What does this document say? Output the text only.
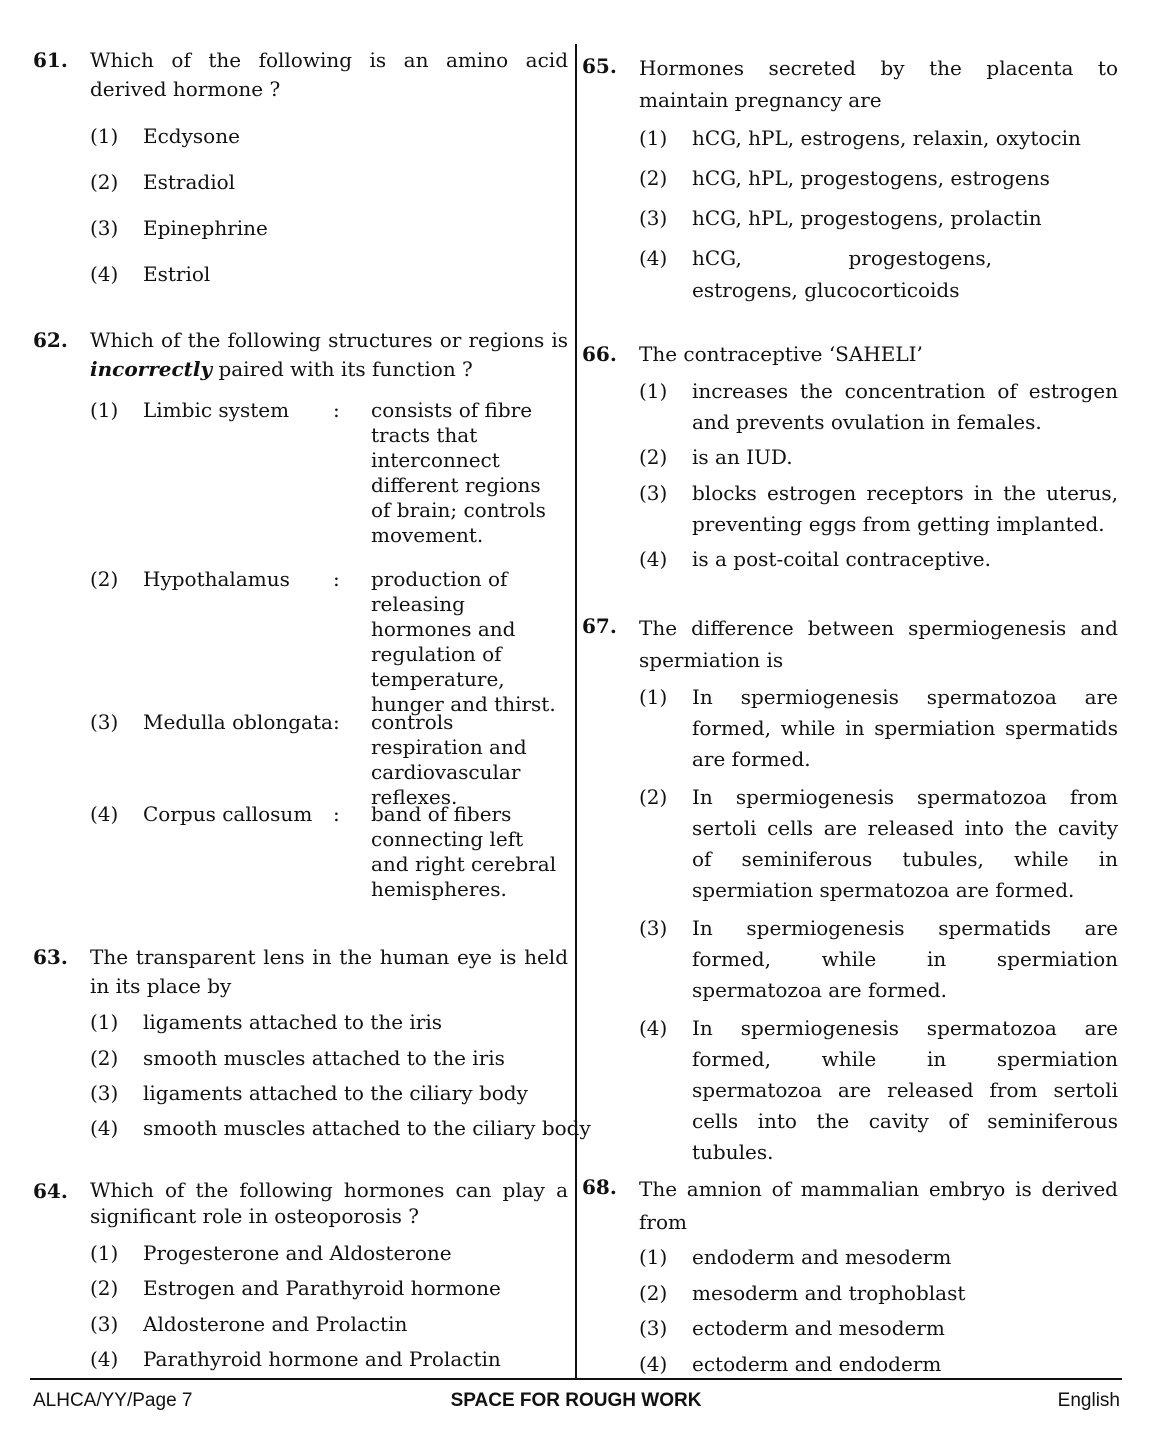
61. Which of the following is an amino acid derived hormone ?
(1) Ecdysone
(2) Estradiol
(3) Epinephrine
(4) Estriol
62. Which of the following structures or regions is incorrectly paired with its function ?
(1) Limbic system : consists of fibre tracts that interconnect different regions of brain; controls movement.
(2) Hypothalamus : production of releasing hormones and regulation of temperature, hunger and thirst.
(3) Medulla oblongata : controls respiration and cardiovascular reflexes.
(4) Corpus callosum : band of fibers connecting left and right cerebral hemispheres.
63. The transparent lens in the human eye is held in its place by
(1) ligaments attached to the iris
(2) smooth muscles attached to the iris
(3) ligaments attached to the ciliary body
(4) smooth muscles attached to the ciliary body
64. Which of the following hormones can play a significant role in osteoporosis ?
(1) Progesterone and Aldosterone
(2) Estrogen and Parathyroid hormone
(3) Aldosterone and Prolactin
(4) Parathyroid hormone and Prolactin
65. Hormones secreted by the placenta to maintain pregnancy are
(1) hCG, hPL, estrogens, relaxin, oxytocin
(2) hCG, hPL, progestogens, estrogens
(3) hCG, hPL, progestogens, prolactin
(4) hCG, progestogens, estrogens, glucocorticoids
66. The contraceptive ‘SAHELI’
(1) increases the concentration of estrogen and prevents ovulation in females.
(2) is an IUD.
(3) blocks estrogen receptors in the uterus, preventing eggs from getting implanted.
(4) is a post-coital contraceptive.
67. The difference between spermiogenesis and spermiation is
(1) In spermiogenesis spermatozoa are formed, while in spermiation spermatids are formed.
(2) In spermiogenesis spermatozoa from sertoli cells are released into the cavity of seminiferous tubules, while in spermiation spermatozoa are formed.
(3) In spermiogenesis spermatids are formed, while in spermiation spermatozoa are formed.
(4) In spermiogenesis spermatozoa are formed, while in spermiation spermatozoa are released from sertoli cells into the cavity of seminiferous tubules.
68. The amnion of mammalian embryo is derived from
(1) endoderm and mesoderm
(2) mesoderm and trophoblast
(3) ectoderm and mesoderm
(4) ectoderm and endoderm
ALHCA/YY/Page 7	SPACE FOR ROUGH WORK	English
